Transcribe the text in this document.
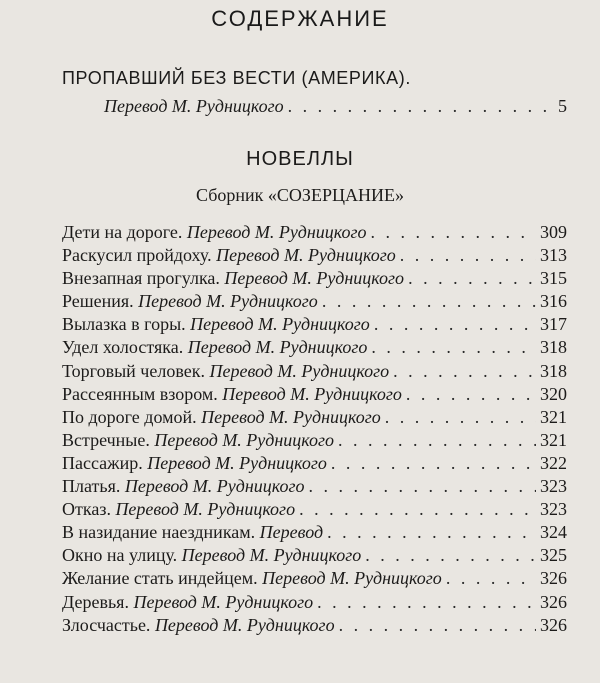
СОДЕРЖАНИЕ
ПРОПАВШИЙ БЕЗ ВЕСТИ (АМЕРИКА).
Перевод М. Рудницкого . . .	5
НОВЕЛЛЫ
Сборник «СОЗЕРЦАНИЕ»
Дети на дороге. Перевод М. Рудницкого . . .	309
Раскусил пройдоху. Перевод М. Рудницкого . . .	313
Внезапная прогулка. Перевод М. Рудницкого . . .	315
Решения. Перевод М. Рудницкого . . .	316
Вылазка в горы. Перевод М. Рудницкого . . .	317
Удел холостяка. Перевод М. Рудницкого . . .	318
Торговый человек. Перевод М. Рудницкого . . .	318
Рассеянным взором. Перевод М. Рудницкого . . .	320
По дороге домой. Перевод М. Рудницкого . . .	321
Встречные. Перевод М. Рудницкого . . .	321
Пассажир. Перевод М. Рудницкого . . .	322
Платья. Перевод М. Рудницкого . . .	323
Отказ. Перевод М. Рудницкого . . .	323
В назидание наездникам. Перевод . . .	324
Окно на улицу. Перевод М. Рудницкого . . .	325
Желание стать индейцем. Перевод М. Рудницкого . . .	326
Деревья. Перевод М. Рудницкого . . .	326
Злосчастье. Перевод М. Рудницкого . . .	326
